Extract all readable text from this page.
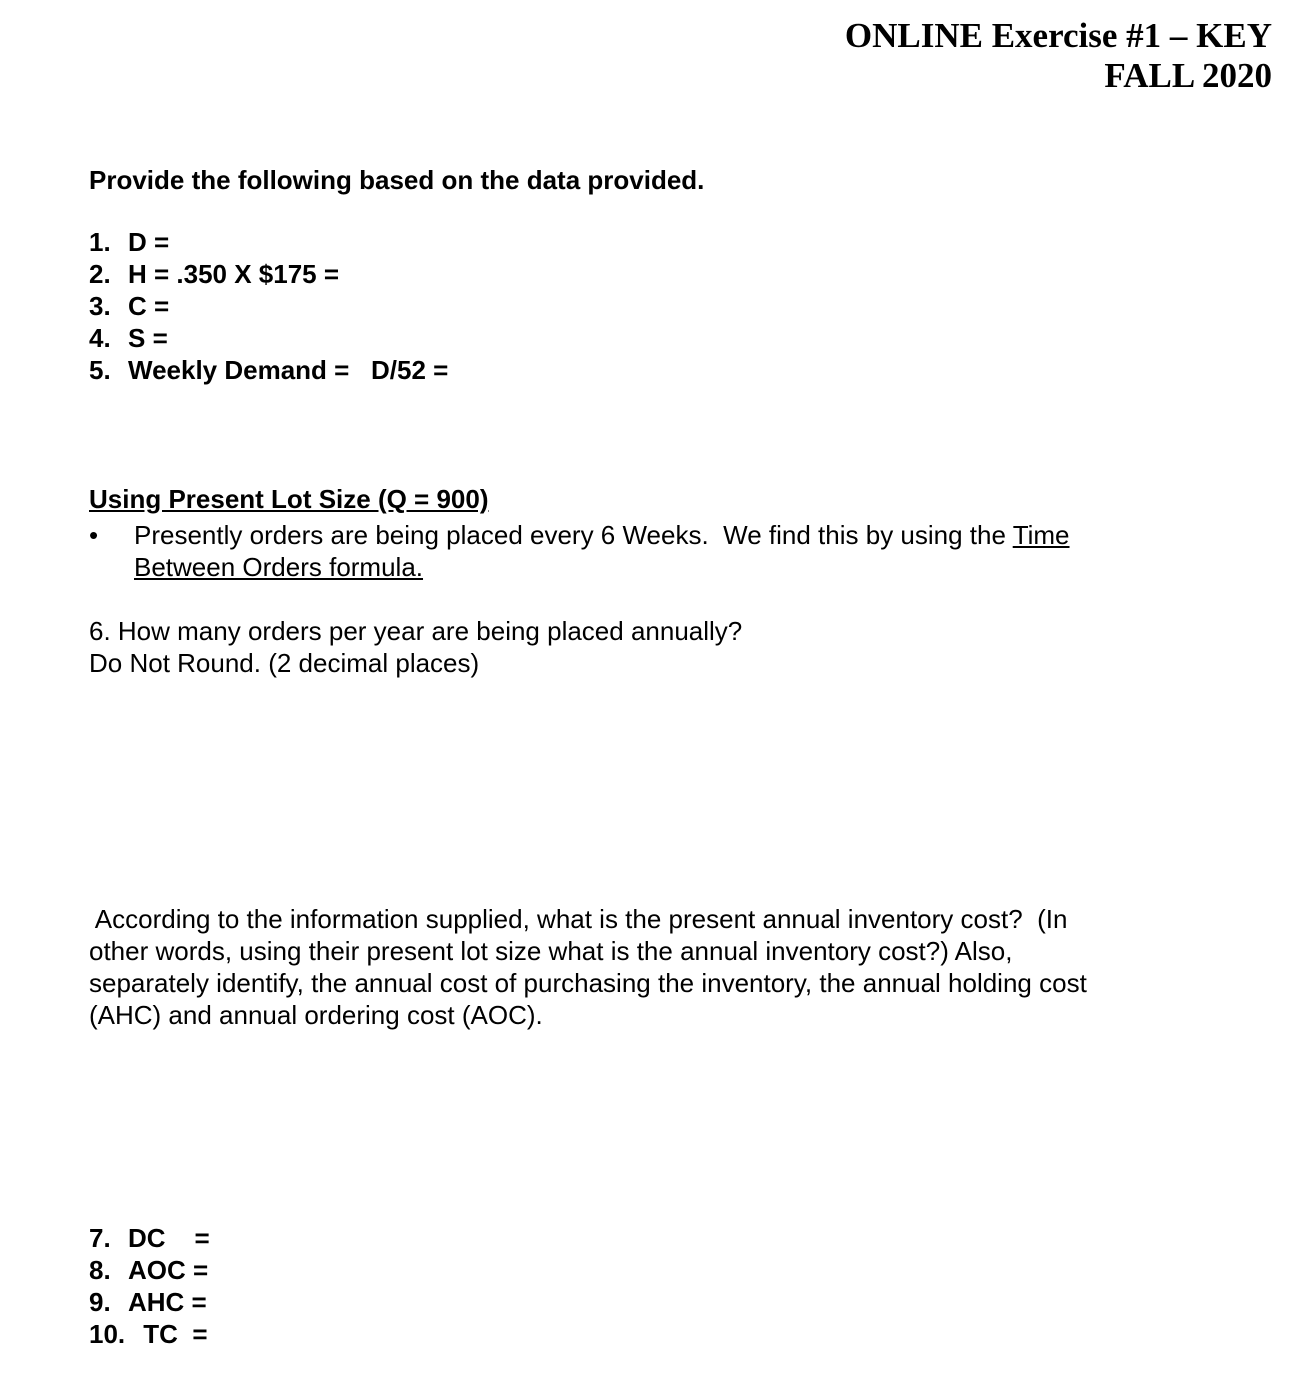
ONLINE Exercise #1 – KEY
FALL 2020
Provide the following based on the data provided.
1. D =
2. H = .350 X $175 =
3. C =
4. S =
5. Weekly Demand =   D/52 =
Using Present Lot Size (Q = 900)
• Presently orders are being placed every 6 Weeks.  We find this by using the Time
Between Orders formula.
6. How many orders per year are being placed annually?
Do Not Round. (2 decimal places)
According to the information supplied, what is the present annual inventory cost?  (In
other words, using their present lot size what is the annual inventory cost?) Also,
separately identify, the annual cost of purchasing the inventory, the annual holding cost
(AHC) and annual ordering cost (AOC).
7. DC    =
8. AOC =
9. AHC =
10. TC  =
